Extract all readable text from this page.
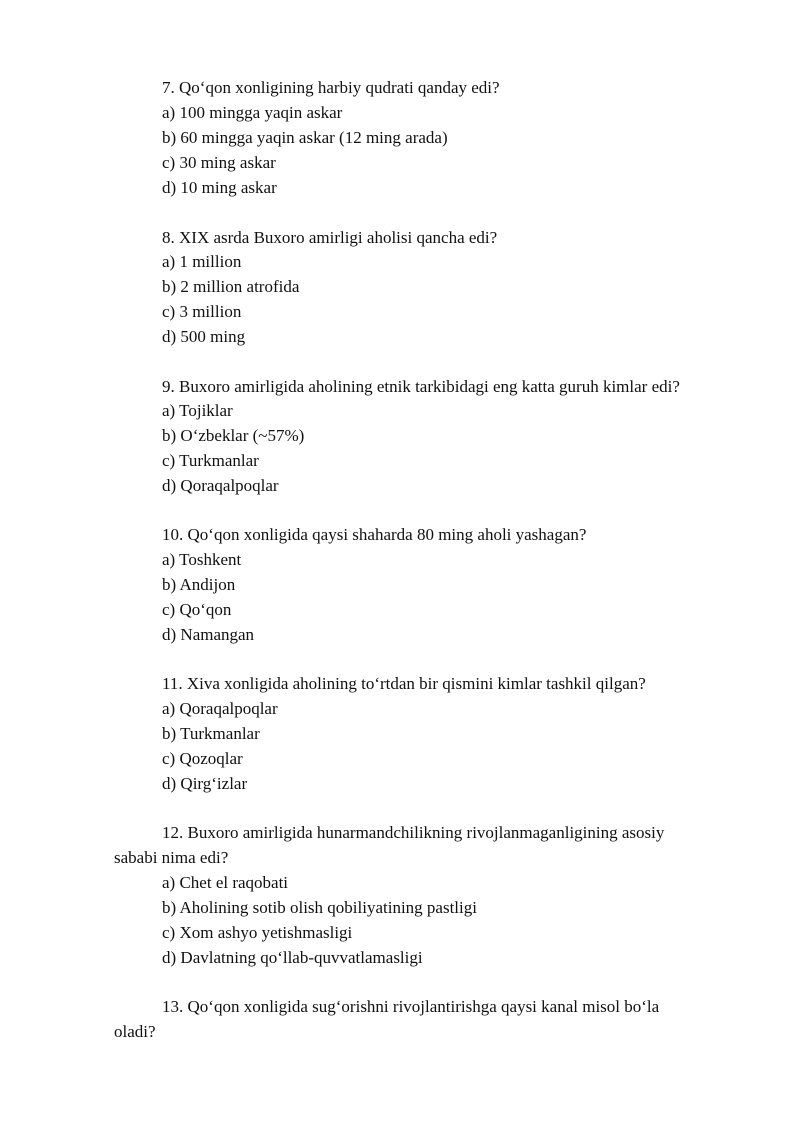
7. Qo‘qon xonligining harbiy qudrati qanday edi?
a) 100 mingga yaqin askar
b) 60 mingga yaqin askar (12 ming arada)
c) 30 ming askar
d) 10 ming askar
8. XIX asrda Buxoro amirligi aholisi qancha edi?
a) 1 million
b) 2 million atrofida
c) 3 million
d) 500 ming
9. Buxoro amirligida aholining etnik tarkibidagi eng katta guruh kimlar edi?
a) Tojiklar
b) O‘zbeklar (~57%)
c) Turkmanlar
d) Qoraqalpoqlar
10. Qo‘qon xonligida qaysi shaharda 80 ming aholi yashagan?
a) Toshkent
b) Andijon
c) Qo‘qon
d) Namangan
11. Xiva xonligida aholining to‘rtdan bir qismini kimlar tashkil qilgan?
a) Qoraqalpoqlar
b) Turkmanlar
c) Qozoqlar
d) Qirg‘izlar
12. Buxoro amirligida hunarmandchilikning rivojlanmaganligining asosiy
sababi nima edi?
a) Chet el raqobati
b) Aholining sotib olish qobiliyatining pastligi
c) Xom ashyo yetishmasligi
d) Davlatning qo‘llab-quvvatlamasligi
13. Qo‘qon xonligida sug‘orishni rivojlantirishga qaysi kanal misol bo‘la
oladi?
